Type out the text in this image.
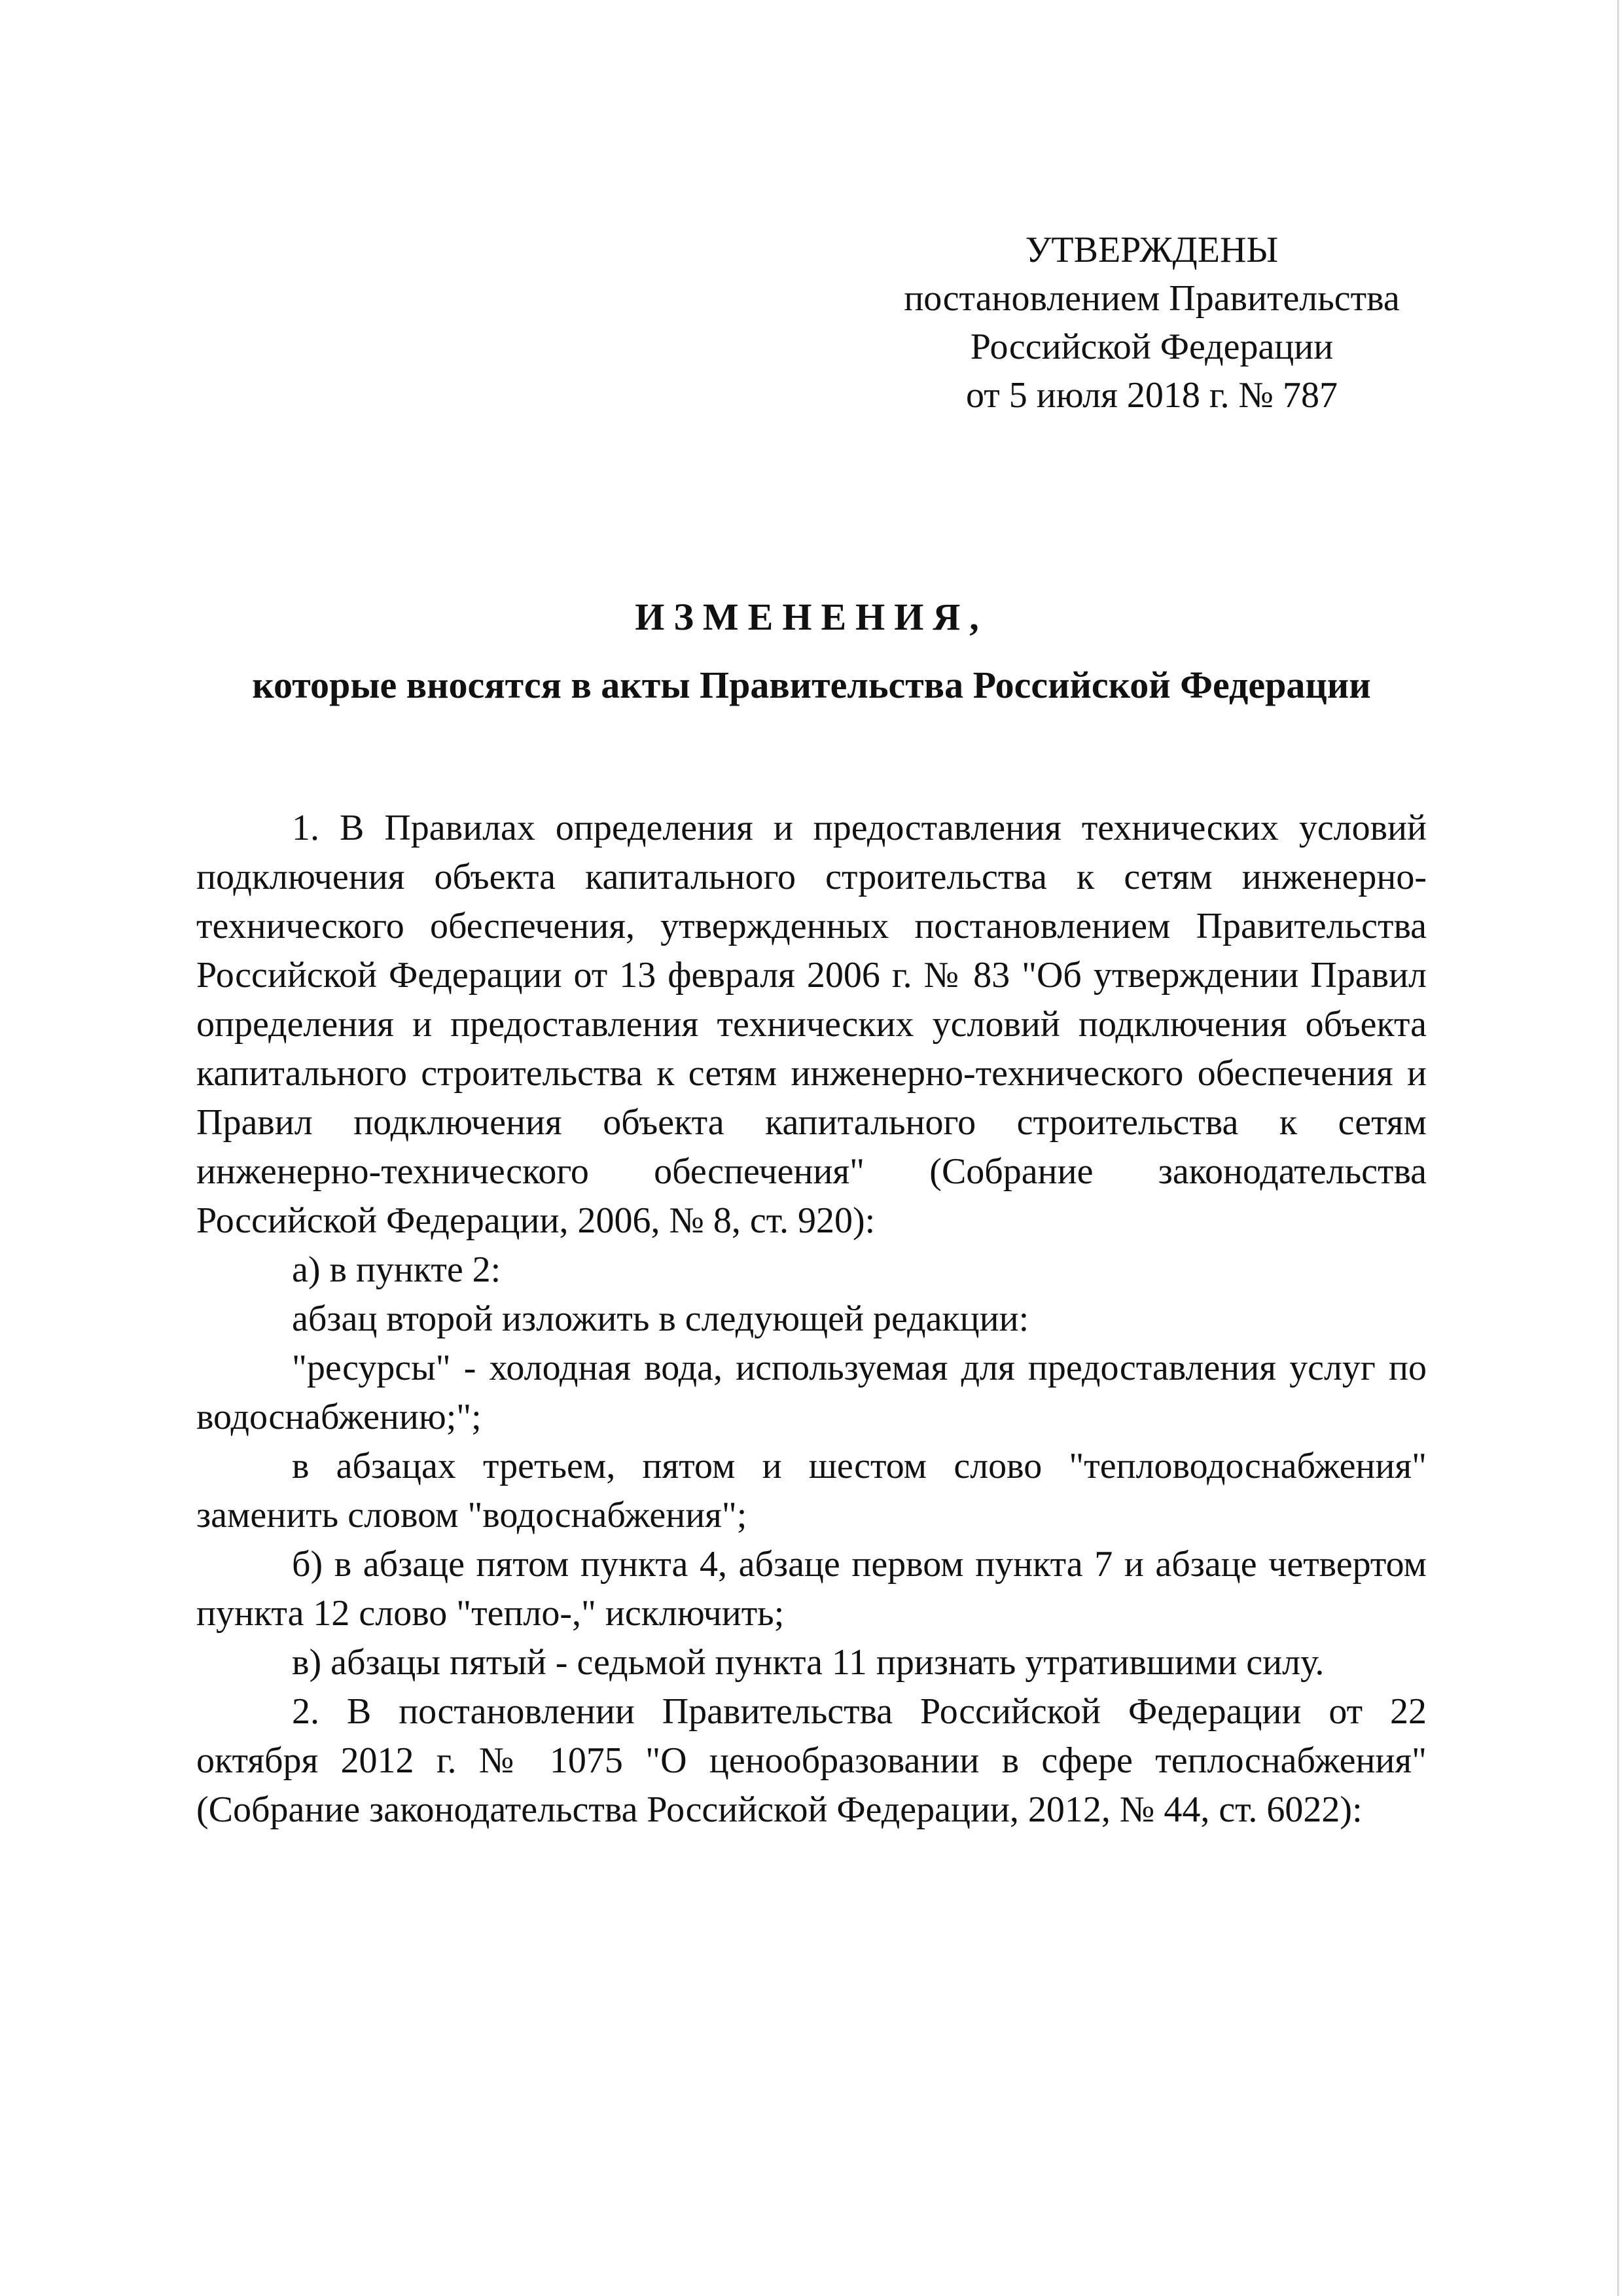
УТВЕРЖДЕНЫ
постановлением Правительства
Российской Федерации
от 5 июля 2018 г. № 787
ИЗМЕНЕНИЯ,
которые вносятся в акты Правительства Российской Федерации

1. В Правилах определения и предоставления технических условий подключения объекта капитального строительства к сетям инженерно-технического обеспечения, утвержденных постановлением Правительства Российской Федерации от 13 февраля 2006 г. № 83 "Об утверждении Правил определения и предоставления технических условий подключения объекта капитального строительства к сетям инженерно-технического обеспечения и Правил подключения объекта капитального строительства к сетям инженерно-технического обеспечения" (Собрание законодательства Российской Федерации, 2006, № 8, ст. 920):

а) в пункте 2:

абзац второй изложить в следующей редакции:

"ресурсы" - холодная вода, используемая для предоставления услуг по водоснабжению;";

в абзацах третьем, пятом и шестом слово "тепловодоснабжения" заменить словом "водоснабжения";

б) в абзаце пятом пункта 4, абзаце первом пункта 7 и абзаце четвертом пункта 12 слово "тепло-," исключить;

в) абзацы пятый - седьмой пункта 11 признать утратившими силу.

2. В постановлении Правительства Российской Федерации от 22 октября 2012 г. № 1075 "О ценообразовании в сфере теплоснабжения" (Собрание законодательства Российской Федерации, 2012, № 44, ст. 6022):
